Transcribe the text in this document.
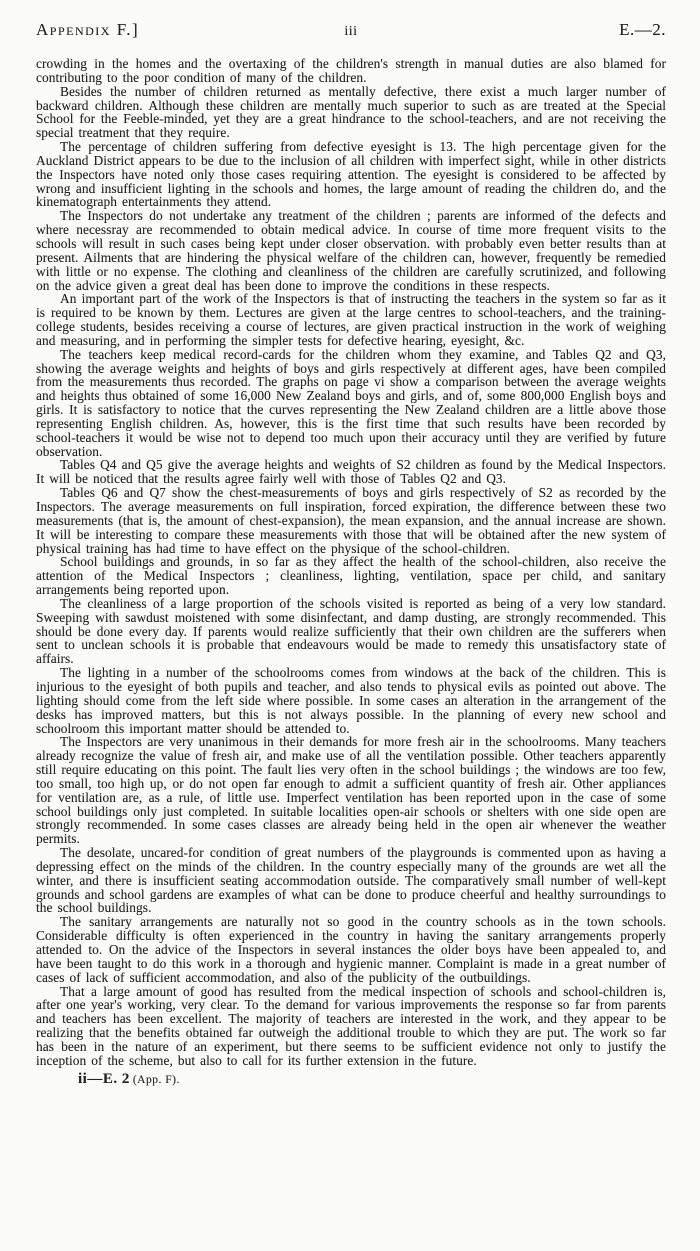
Appendix F.]	iii	E.—2.

crowding in the homes and the overtaxing of the children's strength in manual duties are also blamed for contributing to the poor condition of many of the children.

Besides the number of children returned as mentally defective, there exist a much larger number of backward children. Although these children are mentally much superior to such as are treated at the Special School for the Feeble-minded, yet they are a great hindrance to the school-teachers, and are not receiving the special treatment that they require.

The percentage of children suffering from defective eyesight is 13. The high percentage given for the Auckland District appears to be due to the inclusion of all children with imperfect sight, while in other districts the Inspectors have noted only those cases requiring attention. The eyesight is considered to be affected by wrong and insufficient lighting in the schools and homes, the large amount of reading the children do, and the kinematograph entertainments they attend.

The Inspectors do not undertake any treatment of the children ; parents are informed of the defects and where necessray are recommended to obtain medical advice. In course of time more frequent visits to the schools will result in such cases being kept under closer observation. with probably even better results than at present. Ailments that are hindering the physical welfare of the children can, however, frequently be remedied with little or no expense. The clothing and cleanliness of the children are carefully scrutinized, and following on the advice given a great deal has been done to improve the conditions in these respects.

An important part of the work of the Inspectors is that of instructing the teachers in the system so far as it is required to be known by them. Lectures are given at the large centres to school-teachers, and the training-college students, besides receiving a course of lectures, are given practical instruction in the work of weighing and measuring, and in performing the simpler tests for defective hearing, eyesight, &c.

The teachers keep medical record-cards for the children whom they examine, and Tables Q2 and Q3, showing the average weights and heights of boys and girls respectively at different ages, have been compiled from the measurements thus recorded. The graphs on page vi show a comparison between the average weights and heights thus obtained of some 16,000 New Zealand boys and girls, and of, some 800,000 English boys and girls. It is satisfactory to notice that the curves representing the New Zealand children are a little above those representing English children. As, however, this is the first time that such results have been recorded by school-teachers it would be wise not to depend too much upon their accuracy until they are verified by future observation.

Tables Q4 and Q5 give the average heights and weights of S2 children as found by the Medical Inspectors. It will be noticed that the results agree fairly well with those of Tables Q2 and Q3.

Tables Q6 and Q7 show the chest-measurements of boys and girls respectively of S2 as recorded by the Inspectors. The average measurements on full inspiration, forced expiration, the difference between these two measurements (that is, the amount of chest-expansion), the mean expansion, and the annual increase are shown. It will be interesting to compare these measurements with those that will be obtained after the new system of physical training has had time to have effect on the physique of the school-children.

School buildings and grounds, in so far as they affect the health of the school-children, also receive the attention of the Medical Inspectors ; cleanliness, lighting, ventilation, space per child, and sanitary arrangements being reported upon.

The cleanliness of a large proportion of the schools visited is reported as being of a very low standard. Sweeping with sawdust moistened with some disinfectant, and damp dusting, are strongly recommended. This should be done every day. If parents would realize sufficiently that their own children are the sufferers when sent to unclean schools it is probable that endeavours would be made to remedy this unsatisfactory state of affairs.

The lighting in a number of the schoolrooms comes from windows at the back of the children. This is injurious to the eyesight of both pupils and teacher, and also tends to physical evils as pointed out above. The lighting should come from the left side where possible. In some cases an alteration in the arrangement of the desks has improved matters, but this is not always possible. In the planning of every new school and schoolroom this important matter should be attended to.

The Inspectors are very unanimous in their demands for more fresh air in the schoolrooms. Many teachers already recognize the value of fresh air, and make use of all the ventilation possible. Other teachers apparently still require educating on this point. The fault lies very often in the school buildings ; the windows are too few, too small, too high up, or do not open far enough to admit a sufficient quantity of fresh air. Other appliances for ventilation are, as a rule, of little use. Imperfect ventilation has been reported upon in the case of some school buildings only just completed. In suitable localities open-air schools or shelters with one side open are strongly recommended. In some cases classes are already being held in the open air whenever the weather permits.

The desolate, uncared-for condition of great numbers of the playgrounds is commented upon as having a depressing effect on the minds of the children. In the country especially many of the grounds are wet all the winter, and there is insufficient seating accommodation outside. The comparatively small number of well-kept grounds and school gardens are examples of what can be done to produce cheerful and healthy surroundings to the school buildings.

The sanitary arrangements are naturally not so good in the country schools as in the town schools. Considerable difficulty is often experienced in the country in having the sanitary arrangements properly attended to. On the advice of the Inspectors in several instances the older boys have been appealed to, and have been taught to do this work in a thorough and hygienic manner. Complaint is made in a great number of cases of lack of sufficient accommodation, and also of the publicity of the outbuildings.

That a large amount of good has resulted from the medical inspection of schools and school-children is, after one year's working, very clear. To the demand for various improvements the response so far from parents and teachers has been excellent. The majority of teachers are interested in the work, and they appear to be realizing that the benefits obtained far outweigh the additional trouble to which they are put. The work so far has been in the nature of an experiment, but there seems to be sufficient evidence not only to justify the inception of the scheme, but also to call for its further extension in the future.

ii—E. 2 (App. F).
